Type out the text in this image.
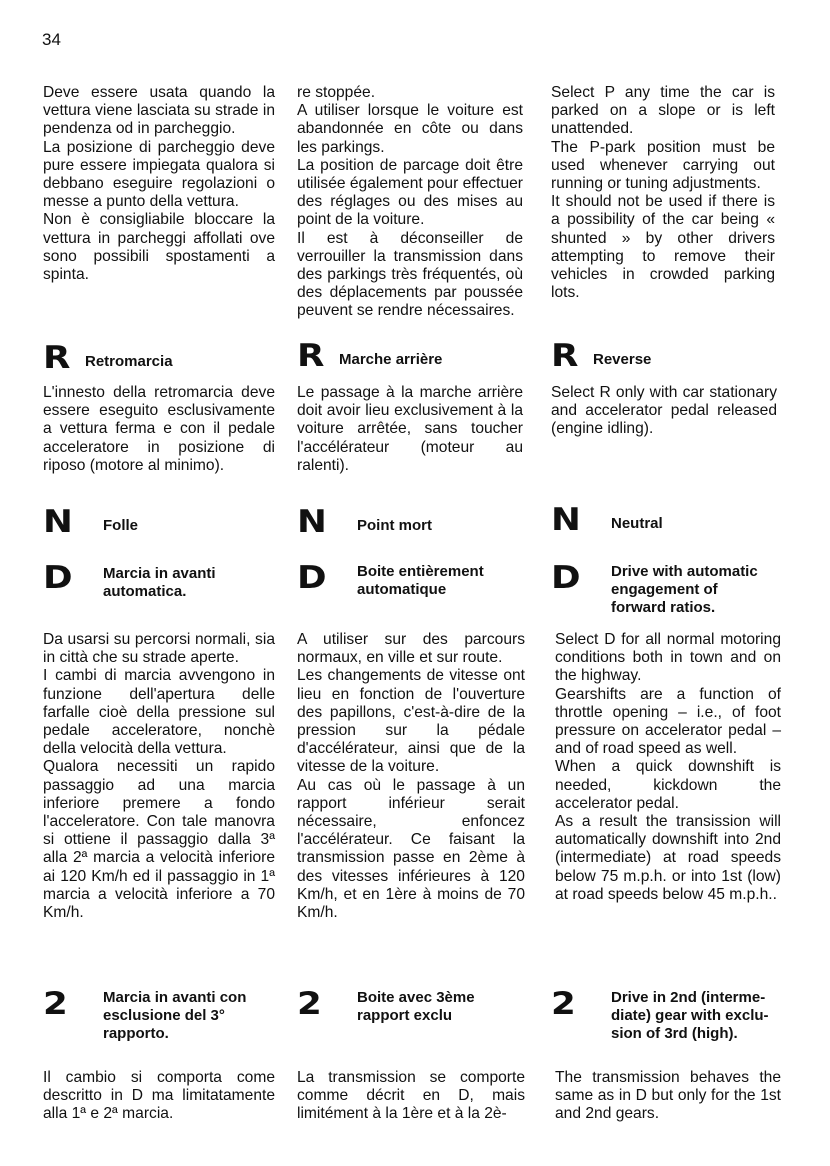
34

Deve essere usata quando la vettura viene lasciata su strade in pendenza od in parcheggio.
La posizione di parcheggio deve pure essere impiegata qualora si debbano eseguire regolazioni o messe a punto della vettura.
Non è consigliabile bloccare la vettura in parcheggi affollati ove sono possibili spostamenti a spinta.

R Retromarcia

L'innesto della retromarcia deve essere eseguito esclusivamente a vettura ferma e con il pedale acceleratore in posizione di riposo (motore al minimo).

N Folle
D Marcia in avanti
automatica.

Da usarsi su percorsi normali, sia in città che su strade aperte.
I cambi di marcia avvengono in funzione dell'apertura delle farfalle cioè della pressione sul pedale acceleratore, nonchè della velocità della vettura.
Qualora necessiti un rapido passaggio ad una marcia inferiore premere a fondo l'acceleratore. Con tale manovra si ottiene il passaggio dalla 3ª alla 2ª marcia a velocità inferiore ai 120 Km/h ed il passaggio in 1ª marcia a velocità inferiore a 70 Km/h.

2 Marcia in avanti con
esclusione del 3° rapporto.

Il cambio si comporta come descritto in D ma limitatamente alla 1ª e 2ª marcia.

re stoppée.
A utiliser lorsque le voiture est abandonnée en côte ou dans les parkings.
La position de parcage doit être utilisée également pour effectuer des réglages ou des mises au point de la voiture.
Il est à déconseiller de verrouiller la transmission dans des parkings très fréquentés, où des déplacements par poussée peuvent se rendre nécessaires.

R Marche arrière

Le passage à la marche arrière doit avoir lieu exclusivement à la voiture arrêtée, sans toucher l'accélérateur (moteur au ralenti).

N Point mort
D Boite entièrement
automatique

A utiliser sur des parcours normaux, en ville et sur route.
Les changements de vitesse ont lieu en fonction de l'ouverture des papillons, c'est-à-dire de la pression sur la pédale d'accélérateur, ainsi que de la vitesse de la voiture.
Au cas où le passage à un rapport inférieur serait nécessaire, enfoncez l'accélérateur. Ce faisant la transmission passe en 2ème à des vitesses inférieures à 120 Km/h, et en 1ère à moins de 70 Km/h.

2 Boite avec 3ème
rapport exclu

La transmission se comporte comme décrit en D, mais limitément à la 1ère et à la 2è-

Select P any time the car is parked on a slope or is left unattended.
The P-park position must be used whenever carrying out running or tuning adjustments.
It should not be used if there is a possibility of the car being « shunted » by other drivers attempting to remove their vehicles in crowded parking lots.

R Reverse

Select R only with car stationary and accelerator pedal released (engine idling).

N Neutral
D Drive with automatic
engagement of
forward ratios.

Select D for all normal motoring conditions both in town and on the highway.
Gearshifts are a function of throttle opening – i.e., of foot pressure on accelerator pedal – and of road speed as well.
When a quick downshift is needed, kickdown the accelerator pedal.
As a result the transission will automatically downshift into 2nd (intermediate) at road speeds below 75 m.p.h. or into 1st (low) at road speeds below 45 m.p.h..

2 Drive in 2nd (interme-
diate) gear with exclu-
sion of 3rd (high).

The transmission behaves the same as in D but only for the 1st and 2nd gears.
